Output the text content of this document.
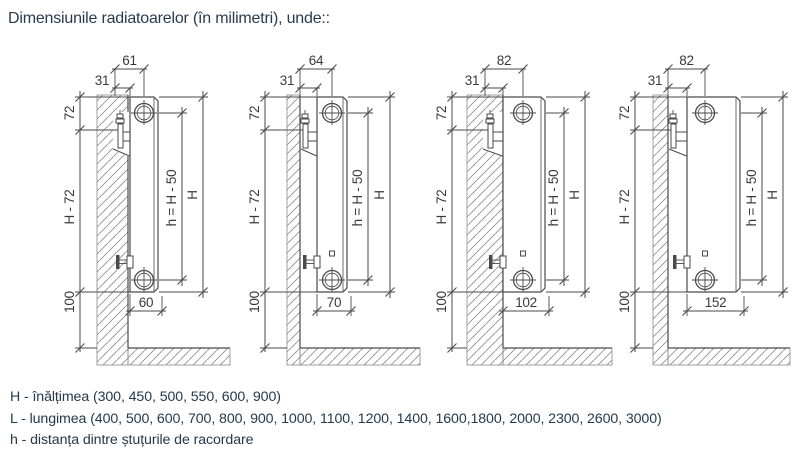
Dimensiunile radiatoarelor (în milimetri), unde::
61
31
72
H - 72
100
h = H - 50 H
60
64
31
72
H - 72
100
h = H - 50 H
70
82
31
72
H - 72
100
h = H - 50 H
102
82
31
72
H - 72
100
h = H - 50 H
152
H - înălțimea (300, 450, 500, 550, 600, 900)
L - lungimea (400, 500, 600, 700, 800, 900, 1000, 1100, 1200, 1400, 1600,1800, 2000, 2300, 2600, 3000)
h - distanța dintre ștuțurile de racordare
